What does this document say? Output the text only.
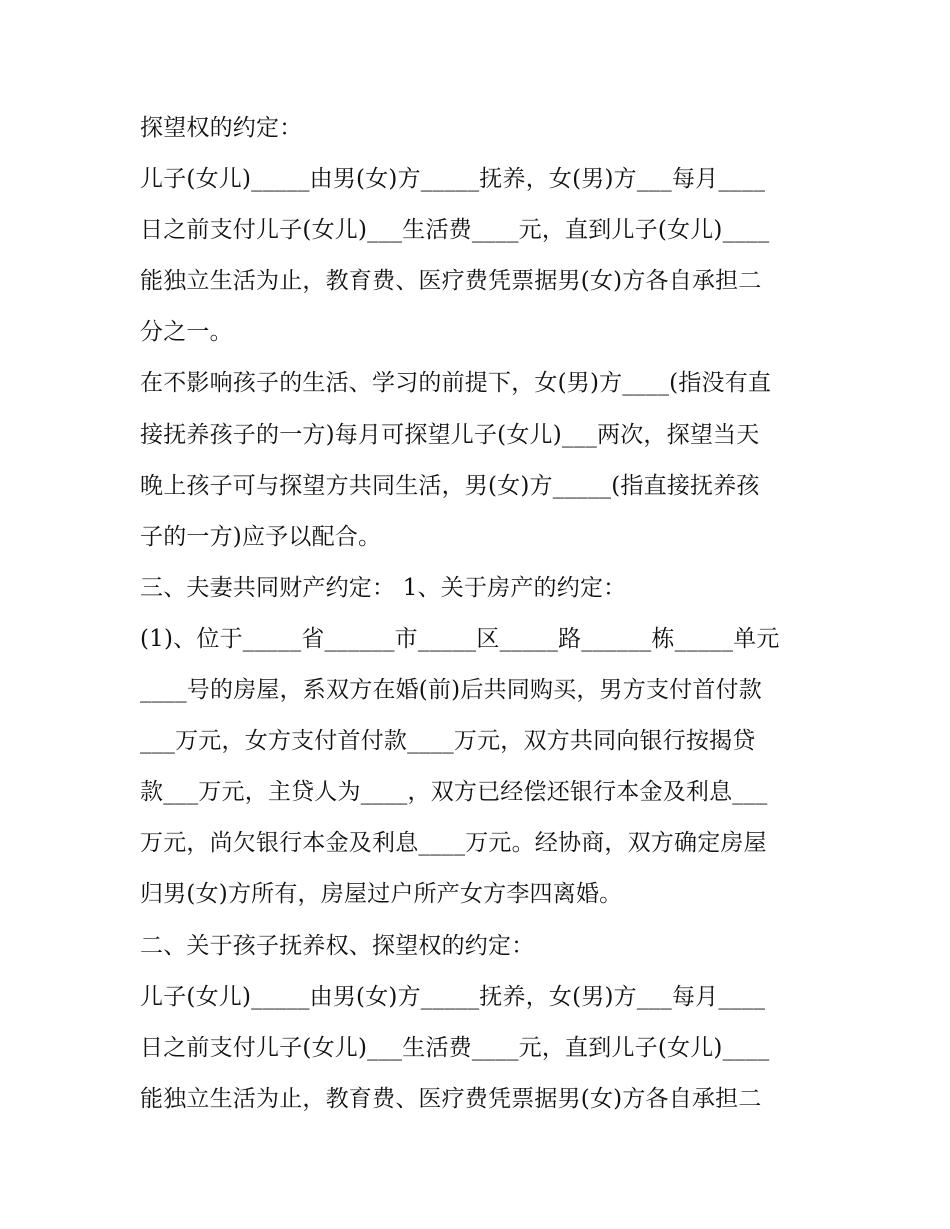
探望权的约定：
儿子(女儿)_____由男(女)方_____抚养，女(男)方___每月____
日之前支付儿子(女儿)___生活费____元，直到儿子(女儿)____
能独立生活为止，教育费、医疗费凭票据男(女)方各自承担二
分之一。
在不影响孩子的生活、学习的前提下，女(男)方____(指没有直
接抚养孩子的一方)每月可探望儿子(女儿)___两次，探望当天
晚上孩子可与探望方共同生活，男(女)方_____(指直接抚养孩
子的一方)应予以配合。
三、夫妻共同财产约定： 1、关于房产的约定：
(1)、位于_____省______市_____区_____路______栋_____单元
____号的房屋，系双方在婚(前)后共同购买，男方支付首付款
___万元，女方支付首付款____万元，双方共同向银行按揭贷
款___万元，主贷人为____，双方已经偿还银行本金及利息___
万元，尚欠银行本金及利息____万元。经协商，双方确定房屋
归男(女)方所有，房屋过户所产女方李四离婚。
二、关于孩子抚养权、探望权的约定：
儿子(女儿)_____由男(女)方_____抚养，女(男)方___每月____
日之前支付儿子(女儿)___生活费____元，直到儿子(女儿)____
能独立生活为止，教育费、医疗费凭票据男(女)方各自承担二
